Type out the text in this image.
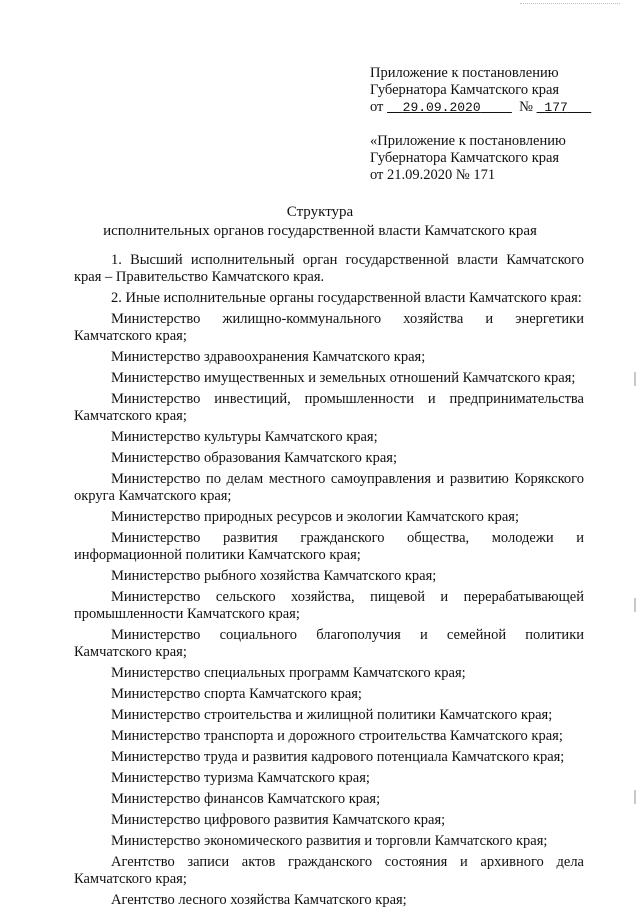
Приложение к постановлению
Губернатора Камчатского края
от 29.09.2020	№ 177
«Приложение к постановлению
Губернатора Камчатского края
от 21.09.2020 № 171
Структура
исполнительных органов государственной власти Камчатского края

1. Высший исполнительный орган государственной власти Камчатского края – Правительство Камчатского края.

2. Иные исполнительные органы государственной власти Камчатского края:

Министерство жилищно-коммунального хозяйства и энергетики Камчатского края;

Министерство здравоохранения Камчатского края;

Министерство имущественных и земельных отношений Камчатского края;

Министерство инвестиций, промышленности и предпринимательства Камчатского края;

Министерство культуры Камчатского края;

Министерство образования Камчатского края;

Министерство по делам местного самоуправления и развитию Корякского округа Камчатского края;

Министерство природных ресурсов и экологии Камчатского края;

Министерство развития гражданского общества, молодежи и информационной политики Камчатского края;

Министерство рыбного хозяйства Камчатского края;

Министерство сельского хозяйства, пищевой и перерабатывающей промышленности Камчатского края;

Министерство социального благополучия и семейной политики Камчатского края;

Министерство специальных программ Камчатского края;

Министерство спорта Камчатского края;

Министерство строительства и жилищной политики Камчатского края;

Министерство транспорта и дорожного строительства Камчатского края;

Министерство труда и развития кадрового потенциала Камчатского края;

Министерство туризма Камчатского края;

Министерство финансов Камчатского края;

Министерство цифрового развития Камчатского края;

Министерство экономического развития и торговли Камчатского края;

Агентство записи актов гражданского состояния и архивного дела Камчатского края;

Агентство лесного хозяйства Камчатского края;
